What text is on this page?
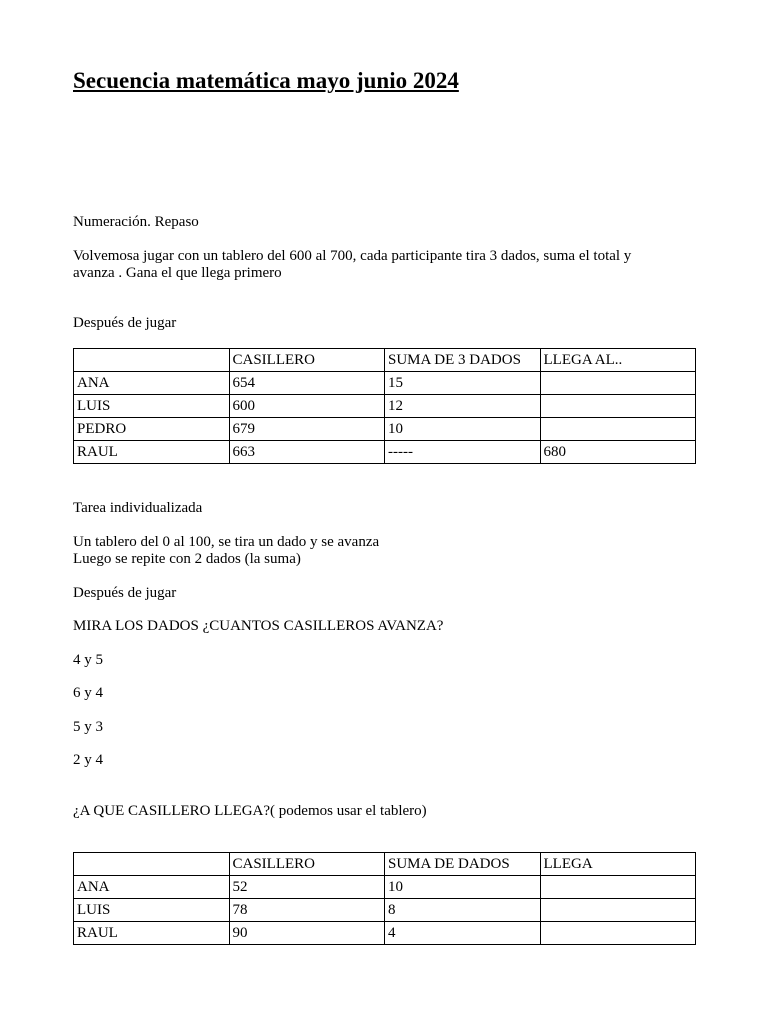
Secuencia matemática mayo junio 2024

Numeración. Repaso

Volvemosa jugar con un tablero del 600 al 700, cada participante tira 3 dados, suma el total y

avanza . Gana el que llega primero

Después de jugar

	CASILLERO	SUMA DE 3 DADOS	LLEGA AL..
ANA	654	15	
LUIS	600	12	
PEDRO	679	10	
RAUL	663	-----	680

Tarea individualizada

Un tablero del 0 al 100, se tira un dado y se avanza

Luego se repite con 2 dados (la suma)

Después de jugar

MIRA LOS DADOS ¿CUANTOS CASILLEROS AVANZA?

4 y 5

6 y 4

5 y 3

2 y 4

¿A QUE CASILLERO LLEGA?( podemos usar el tablero)

	CASILLERO	SUMA DE DADOS	LLEGA
ANA	52	10	
LUIS	78	8	
RAUL	90	4	
